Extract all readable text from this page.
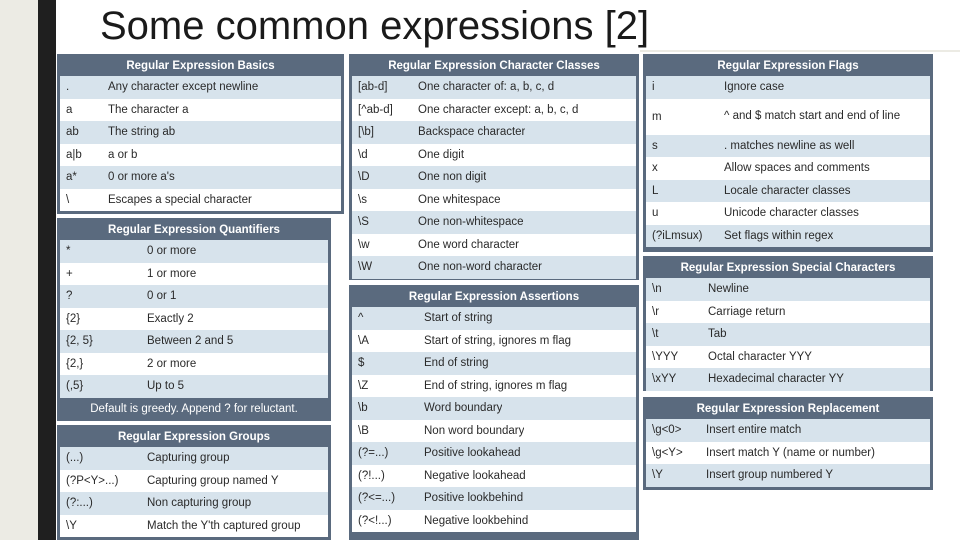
Some common expressions [2]
Regular Expression Basics
.	Any character except newline
a	The character a
ab	The string ab
a|b	a or b
a*	0 or more a's
\	Escapes a special character
Regular Expression Quantifiers
*	0 or more
+	1 or more
?	0 or 1
{2}	Exactly 2
{2, 5}	Between 2 and 5
{2,}	2 or more
(,5}	Up to 5
Default is greedy. Append ? for reluctant.
Regular Expression Groups
(...)	Capturing group
(?P<Y>...)	Capturing group named Y
(?:...)	Non capturing group
\Y	Match the Y'th captured group
Regular Expression Character Classes
[ab-d]	One character of: a, b, c, d
[^ab-d]	One character except: a, b, c, d
[\b]	Backspace character
\d	One digit
\D	One non digit
\s	One whitespace
\S	One non-whitespace
\w	One word character
\W	One non-word character
Regular Expression Assertions
^	Start of string
\A	Start of string, ignores m flag
$	End of string
\Z	End of string, ignores m flag
\b	Word boundary
\B	Non word boundary
(?=...)	Positive lookahead
(?!...)	Negative lookahead
(?<=...)	Positive lookbehind
(?<!...)	Negative lookbehind
Regular Expression Flags
i	Ignore case
m	^ and $ match start and end of line
s	. matches newline as well
x	Allow spaces and comments
L	Locale character classes
u	Unicode character classes
(?iLmsux)	Set flags within regex
Regular Expression Special Characters
\n	Newline
\r	Carriage return
\t	Tab
\YYY	Octal character YYY
\xYY	Hexadecimal character YY
Regular Expression Replacement
\g<0>	Insert entire match
\g<Y>	Insert match Y (name or number)
\Y	Insert group numbered Y
